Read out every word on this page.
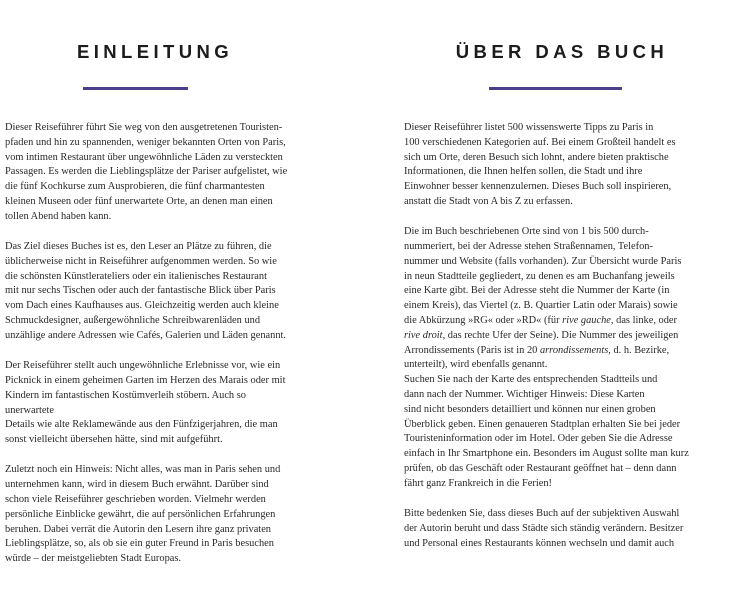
EINLEITUNG

Dieser Reiseführer führt Sie weg von den ausgetretenen Touristen-
pfaden und hin zu spannenden, weniger bekannten Orten von Paris,
vom intimen Restaurant über ungewöhnliche Läden zu versteckten
Passagen. Es werden die Lieblingsplätze der Pariser aufgelistet, wie
die fünf Kochkurse zum Ausprobieren, die fünf charmantesten
kleinen Museen oder fünf unerwartete Orte, an denen man einen
tollen Abend haben kann.

Das Ziel dieses Buches ist es, den Leser an Plätze zu führen, die
üblicherweise nicht in Reiseführer aufgenommen werden. So wie
die schönsten Künstlerateliers oder ein italienisches Restaurant
mit nur sechs Tischen oder auch der fantastische Blick über Paris
vom Dach eines Kaufhauses aus. Gleichzeitig werden auch kleine
Schmuckdesigner, außergewöhnliche Schreibwarenläden und
unzählige andere Adressen wie Cafés, Galerien und Läden genannt.

Der Reiseführer stellt auch ungewöhnliche Erlebnisse vor, wie ein
Picknick in einem geheimen Garten im Herzen des Marais oder mit
Kindern im fantastischen Kostümverleih stöbern. Auch so unerwartete
Details wie alte Reklamewände aus den Fünfzigerjahren, die man
sonst vielleicht übersehen hätte, sind mit aufgeführt.

Zuletzt noch ein Hinweis: Nicht alles, was man in Paris sehen und
unternehmen kann, wird in diesem Buch erwähnt. Darüber sind
schon viele Reiseführer geschrieben worden. Vielmehr werden
persönliche Einblicke gewährt, die auf persönlichen Erfahrungen
beruhen. Dabei verrät die Autorin den Lesern ihre ganz privaten
Lieblingsplätze, so, als ob sie ein guter Freund in Paris besuchen
würde – der meistgeliebten Stadt Europas.

ÜBER DAS BUCH

Dieser Reiseführer listet 500 wissenswerte Tipps zu Paris in
100 verschiedenen Kategorien auf. Bei einem Großteil handelt es
sich um Orte, deren Besuch sich lohnt, andere bieten praktische
Informationen, die Ihnen helfen sollen, die Stadt und ihre
Einwohner besser kennenzulernen. Dieses Buch soll inspirieren,
anstatt die Stadt von A bis Z zu erfassen.

Die im Buch beschriebenen Orte sind von 1 bis 500 durch-
nummeriert, bei der Adresse stehen Straßennamen, Telefon-
nummer und Website (falls vorhanden). Zur Übersicht wurde Paris
in neun Stadtteile gegliedert, zu denen es am Buchanfang jeweils
eine Karte gibt. Bei der Adresse steht die Nummer der Karte (in
einem Kreis), das Viertel (z. B. Quartier Latin oder Marais) sowie
die Abkürzung »RG« oder »RD« (für rive gauche, das linke, oder
rive droit, das rechte Ufer der Seine). Die Nummer des jeweiligen
Arrondissements (Paris ist in 20 arrondissements, d. h. Bezirke,
unterteilt), wird ebenfalls genannt.

Suchen Sie nach der Karte des entsprechenden Stadtteils und
dann nach der Nummer. Wichtiger Hinweis: Diese Karten
sind nicht besonders detailliert und können nur einen groben
Überblick geben. Einen genaueren Stadtplan erhalten Sie bei jeder
Touristeninformation oder im Hotel. Oder geben Sie die Adresse
einfach in Ihr Smartphone ein. Besonders im August sollte man kurz
prüfen, ob das Geschäft oder Restaurant geöffnet hat – denn dann
fährt ganz Frankreich in die Ferien!

Bitte bedenken Sie, dass dieses Buch auf der subjektiven Auswahl
der Autorin beruht und dass Städte sich ständig verändern. Besitzer
und Personal eines Restaurants können wechseln und damit auch
